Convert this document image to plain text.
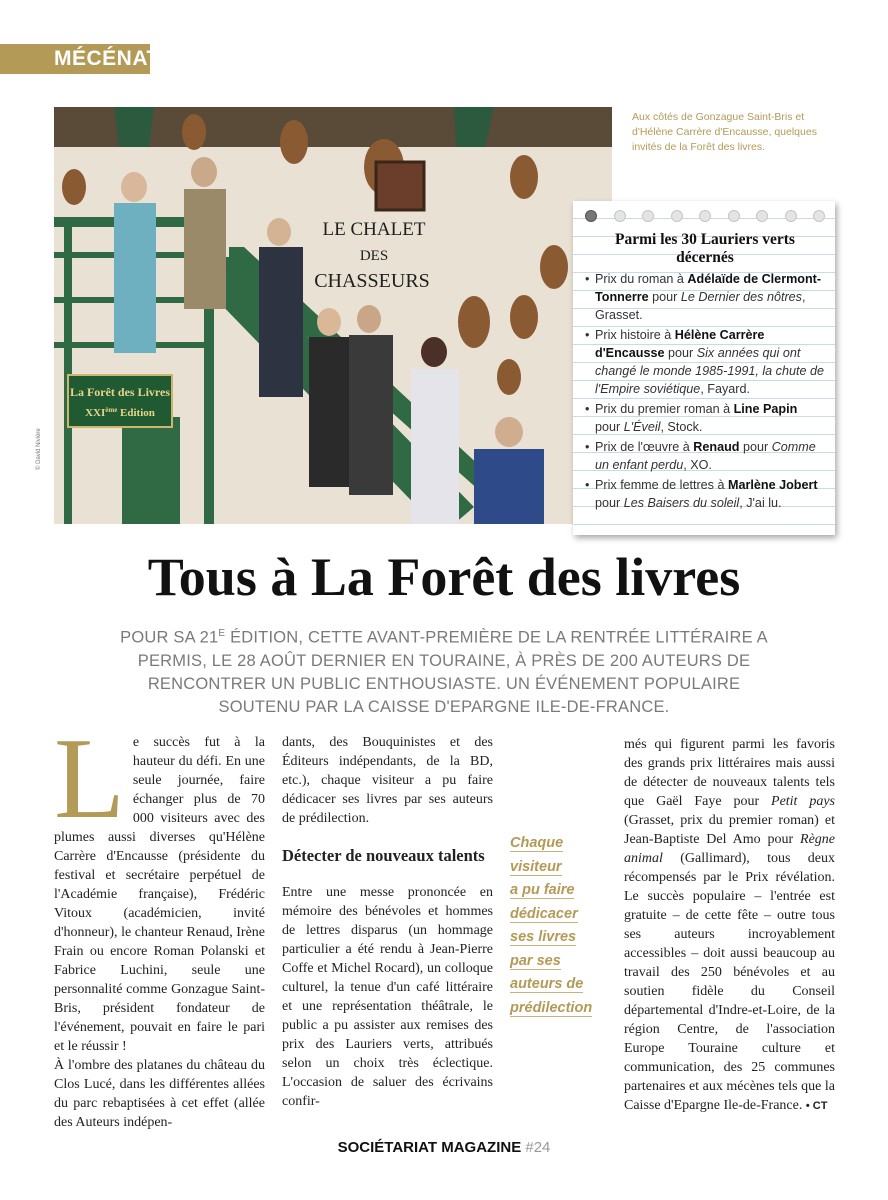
MÉCÉNAT
LE CHALET
DES
CHASSEURS
La Forêt des Livres
XXIème Edition
© David Nivière
Aux côtés de Gonzague Saint-Bris et d'Hélène Carrère d'Encausse, quelques invités de la Forêt des livres.
Parmi les 30 Lauriers verts décernés
• Prix du roman à Adélaïde de Clermont-Tonnerre pour Le Dernier des nôtres, Grasset.
• Prix histoire à Hélène Carrère d'Encausse pour Six années qui ont changé le monde 1985-1991, la chute de l'Empire soviétique, Fayard.
• Prix du premier roman à Line Papin pour L'Éveil, Stock.
• Prix de l'œuvre à Renaud pour Comme un enfant perdu, XO.
• Prix femme de lettres à Marlène Jobert pour Les Baisers du soleil, J'ai lu.
Tous à La Forêt des livres

POUR SA $21^E$ ÉDITION, CETTE AVANT-PREMIÈRE DE LA RENTRÉE LITTÉRAIRE A PERMIS, LE 28 AOÛT DERNIER EN TOURAINE, À PRÈS DE 200 AUTEURS DE RENCONTRER UN PUBLIC ENTHOUSIASTE. UN ÉVÉNEMENT POPULAIRE SOUTENU PAR LA CAISSE D'EPARGNE ILE-DE-FRANCE.

L e succès fut à la hauteur du défi. En une seule journée, faire échanger plus de 70 000 visiteurs avec des plumes aussi diverses qu'Hélène Carrère d'Encausse (présidente du festival et secrétaire perpétuel de l'Académie française), Frédéric Vitoux (académicien, invité d'honneur), le chanteur Renaud, Irène Frain ou encore Roman Polanski et Fabrice Luchini, seule une personnalité comme Gonzague Saint-Bris, président fondateur de l'événement, pouvait en faire le pari et le réussir !

À l'ombre des platanes du château du Clos Lucé, dans les différentes allées du parc rebaptisées à cet effet (allée des Auteurs indépen-

dants, des Bouquinistes et des Éditeurs indépendants, de la BD, etc.), chaque visiteur a pu faire dédicacer ses livres par ses auteurs de prédilection.

Détecter de nouveaux talents

Entre une messe prononcée en mémoire des bénévoles et hommes de lettres disparus (un hommage particulier a été rendu à Jean-Pierre Coffe et Michel Rocard), un colloque culturel, la tenue d'un café littéraire et une représentation théâtrale, le public a pu assister aux remises des prix des Lauriers verts, attribués selon un choix très éclectique. L'occasion de saluer des écrivains confir-

Chaque
visiteur
a pu faire
dédicacer
ses livres
par ses
auteurs de
prédilection

més qui figurent parmi les favoris des grands prix littéraires mais aussi de détecter de nouveaux talents tels que Gaël Faye pour Petit pays (Grasset, prix du premier roman) et Jean-Baptiste Del Amo pour Règne animal (Gallimard), tous deux récompensés par le Prix révélation. Le succès populaire – l'entrée est gratuite – de cette fête – outre tous ses auteurs incroyablement accessibles – doit aussi beaucoup au travail des 250 bénévoles et au soutien fidèle du Conseil départemental d'Indre-et-Loire, de la région Centre, de l'association Europe Touraine culture et communication, des 25 communes partenaires et aux mécènes tels que la Caisse d'Epargne Ile-de-France. • CT

SOCIÉTARIAT MAGAZINE #24
